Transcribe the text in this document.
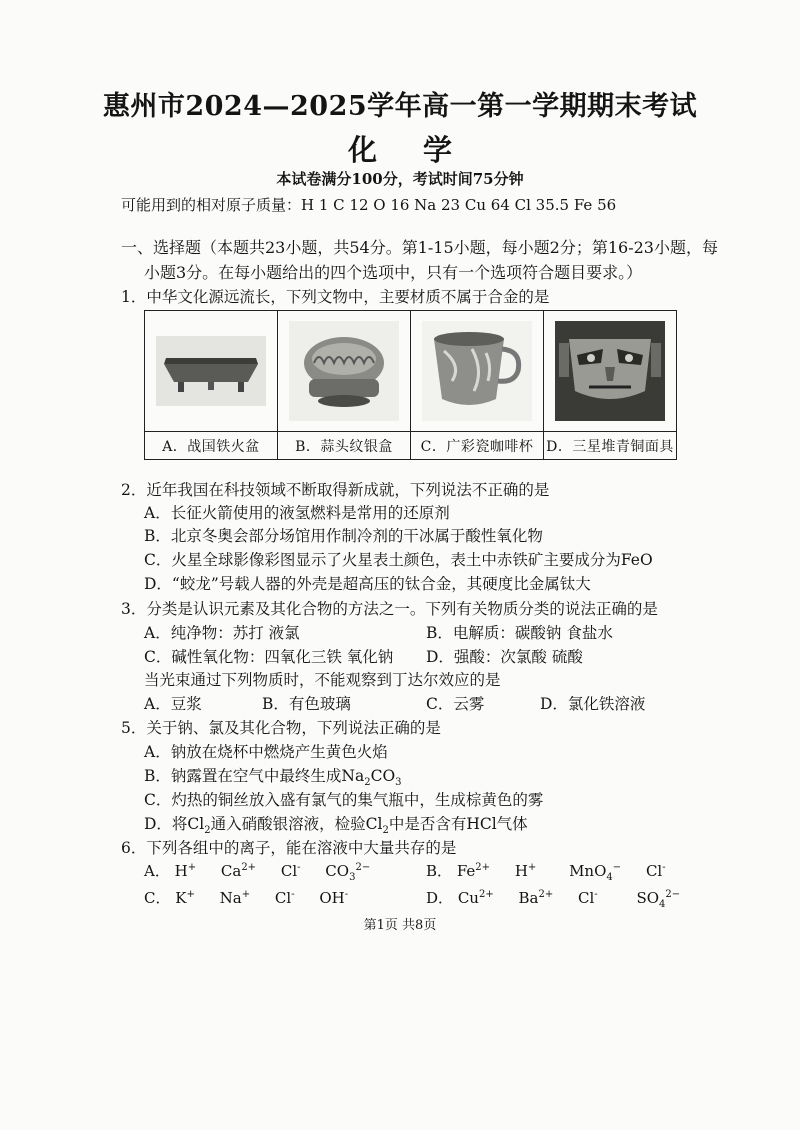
惠州市2024—2025学年高一第一学期期末考试
化 学
本试卷满分100分，考试时间75分钟
可能用到的相对原子质量：H 1 C 12 O 16 Na 23 Cu 64 Cl 35.5 Fe 56
一、选择题（本题共23小题，共54分。第1-15小题，每小题2分；第16-23小题，每
小题3分。在每小题给出的四个选项中，只有一个选项符合题目要求。）
1．中华文化源远流长，下列文物中，主要材质不属于合金的是
A．战国铁火盆	B．蒜头纹银盒	C．广彩瓷咖啡杯 D．三星堆青铜面具
2．近年我国在科技领域不断取得新成就，下列说法不正确的是
A．长征火箭使用的液氢燃料是常用的还原剂
B．北京冬奥会部分场馆用作制冷剂的干冰属于酸性氧化物
C．火星全球影像彩图显示了火星表土颜色，表土中赤铁矿主要成分为FeO
D．“蛟龙”号载人器的外壳是超高压的钛合金，其硬度比金属钛大
3．分类是认识元素及其化合物的方法之一。下列有关物质分类的说法正确的是
A．纯净物：苏打 液氯	B．电解质：碳酸钠 食盐水
C．碱性氧化物：四氧化三铁 氧化钠 D．强酸：次氯酸 硫酸
当光束通过下列物质时，不能观察到丁达尔效应的是
A．豆浆	B．有色玻璃	C．云雾	D．氯化铁溶液
5．关于钠、氯及其化合物，下列说法正确的是
A．钠放在烧杯中燃烧产生黄色火焰
B．钠露置在空气中最终生成$Na_2CO_3$
C．灼热的铜丝放入盛有氯气的集气瓶中，生成棕黄色的雾
D．将$Cl_2$通入硝酸银溶液，检验$Cl_2$中是否含有HCl气体
6．下列各组中的离子，能在溶液中大量共存的是
A． H+ $Ca^{2+}$ Cl- $CO_3^{2-}$	B． $Fe^{2+}$ H+ MnO$_4$− Cl-
C． K+ Na+ Cl- OH-	D． $Cu^{2+}$ $Ba^{2+}$ Cl-	$SO_4^{2-}$
第1页 共8页
